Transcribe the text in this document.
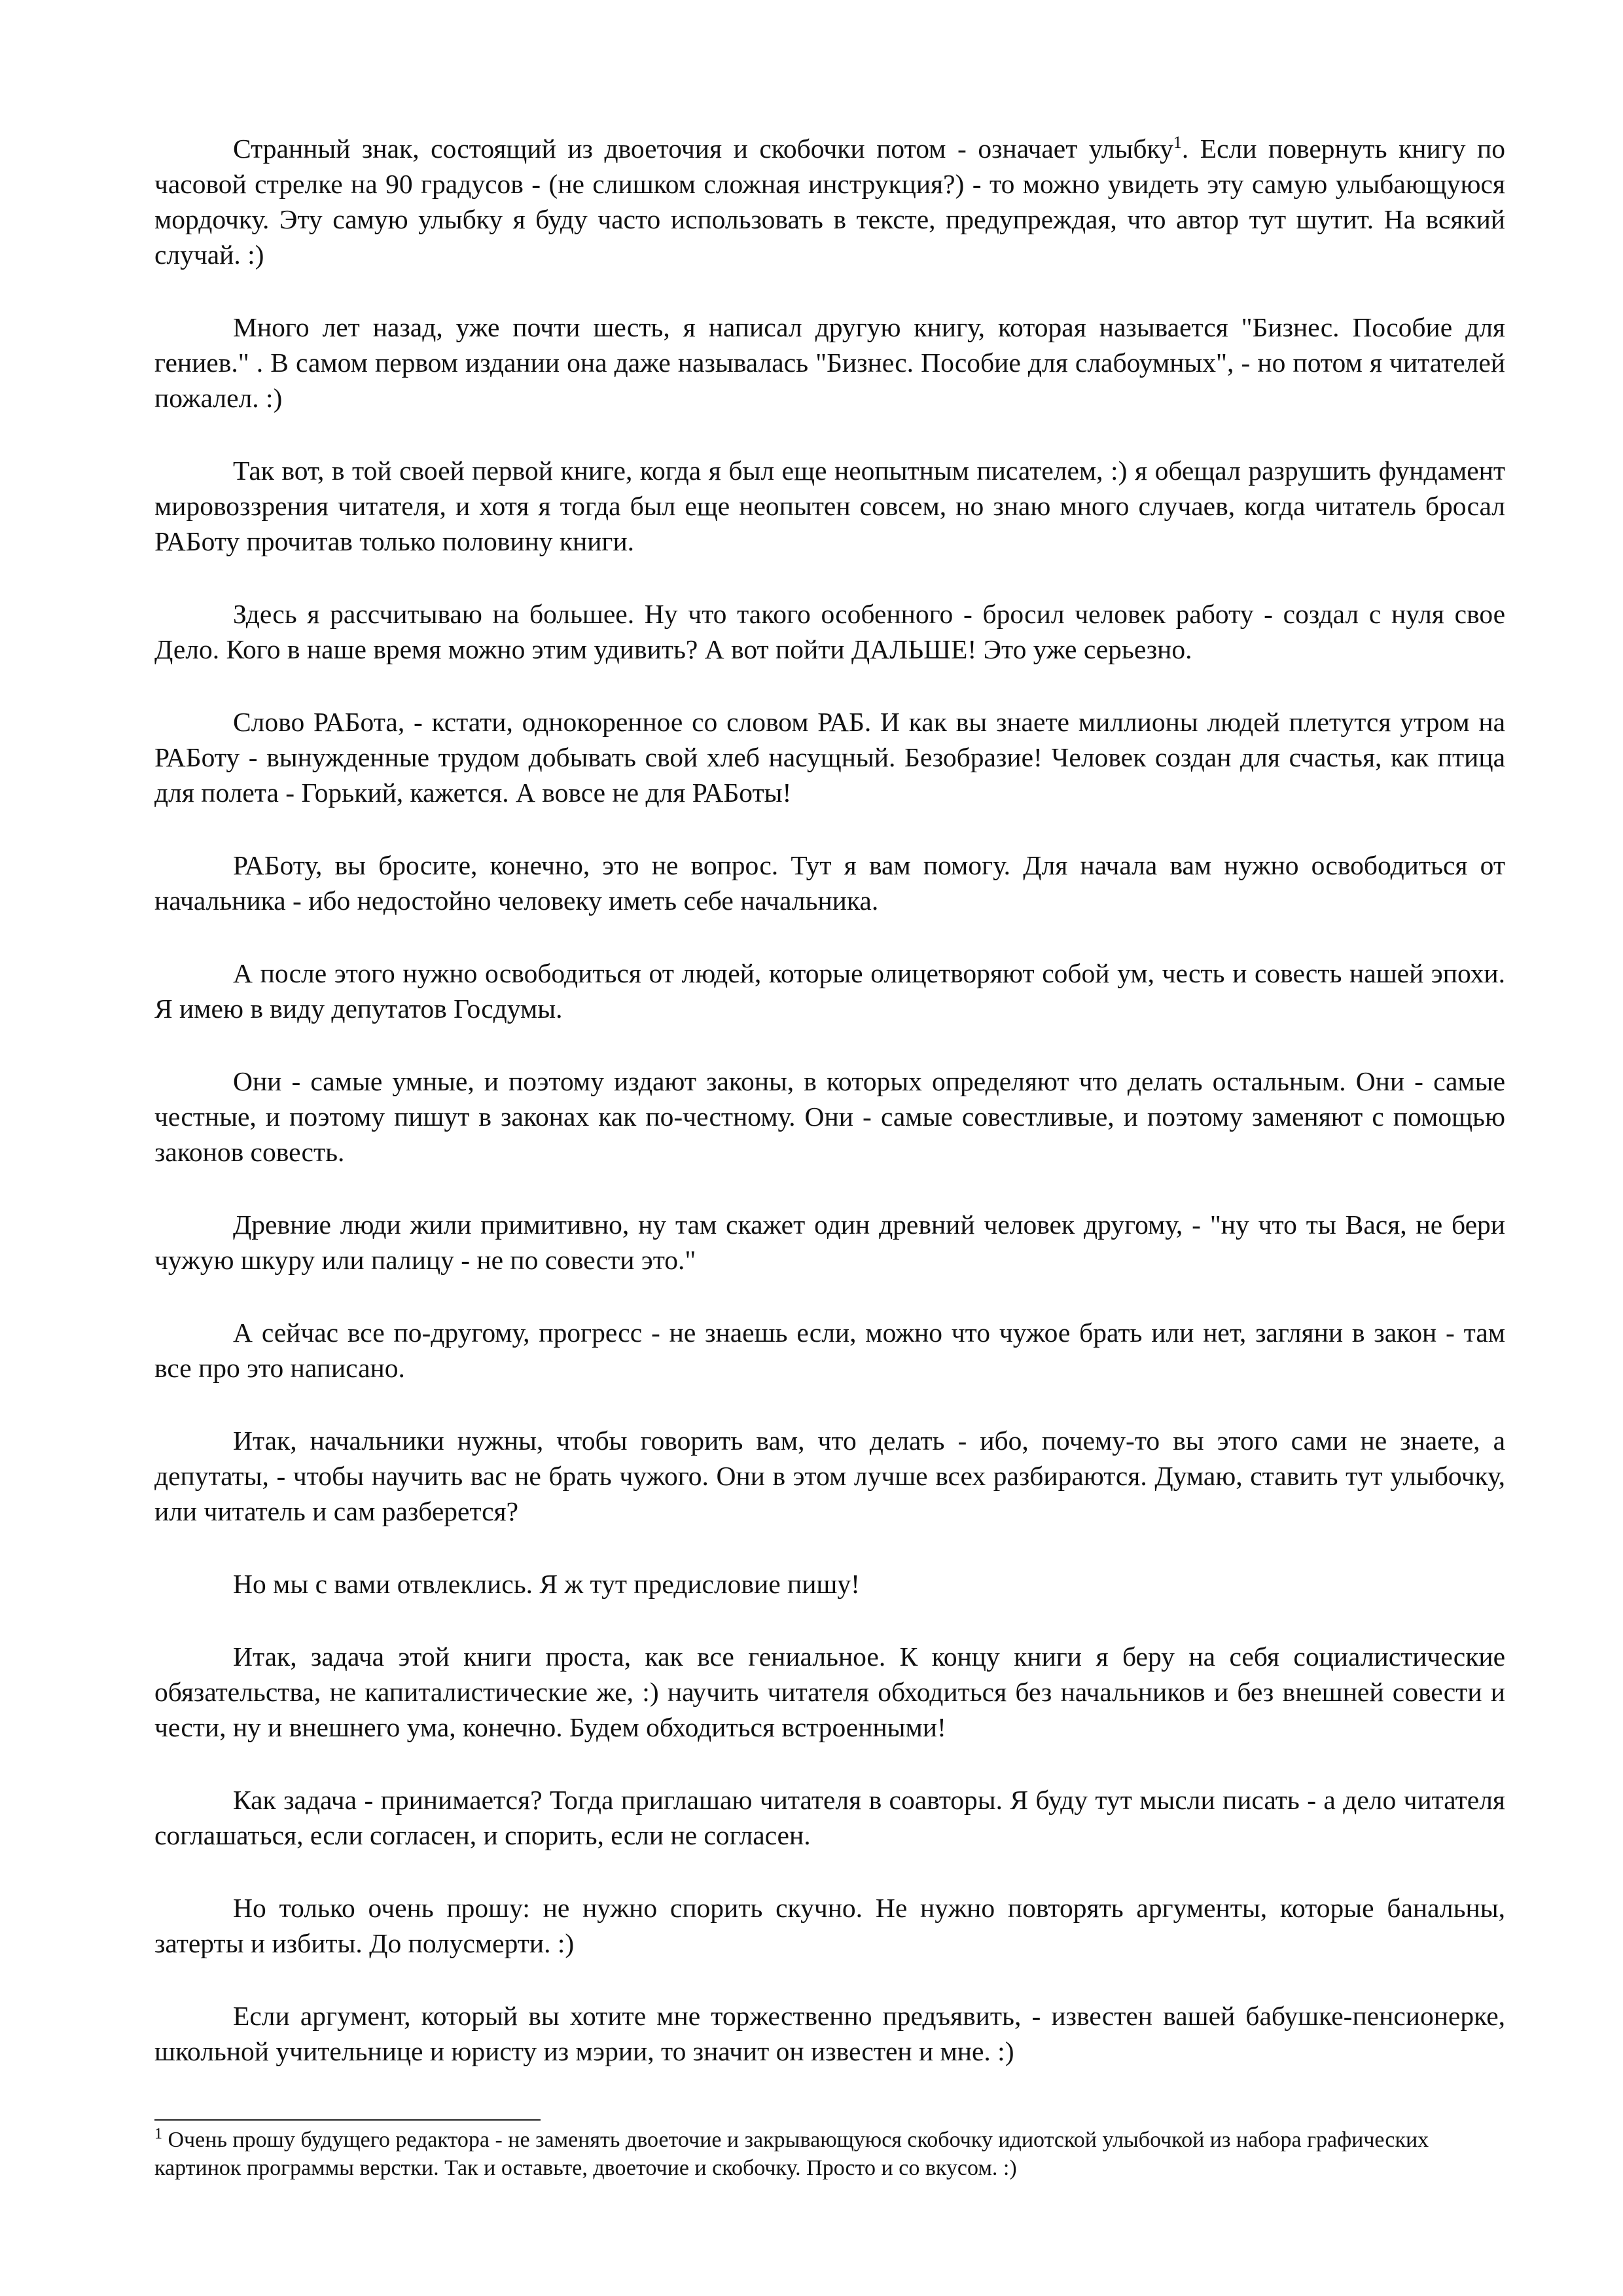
Странный знак, состоящий из двоеточия и скобочки потом - означает улыбку$^1$. Если повернуть книгу по часовой стрелке на 90 градусов - (не слишком сложная инструкция?) - то можно увидеть эту самую улыбающуюся мордочку. Эту самую улыбку я буду часто использовать в тексте, предупреждая, что автор тут шутит. На всякий случай. :)

Много лет назад, уже почти шесть, я написал другую книгу, которая называется "Бизнес. Пособие для гениев." . В самом первом издании она даже называлась "Бизнес. Пособие для слабоумных", - но потом я читателей пожалел. :)

Так вот, в той своей первой книге, когда я был еще неопытным писателем, :) я обещал разрушить фундамент мировоззрения читателя, и хотя я тогда был еще неопытен совсем, но знаю много случаев, когда читатель бросал РАБоту прочитав только половину книги.

Здесь я рассчитываю на большее. Ну что такого особенного - бросил человек работу - создал с нуля свое Дело. Кого в наше время можно этим удивить? А вот пойти ДАЛЬШЕ! Это уже серьезно.

Слово РАБота, - кстати, однокоренное со словом РАБ. И как вы знаете миллионы людей плетутся утром на РАБоту - вынужденные трудом добывать свой хлеб насущный. Безобразие! Человек создан для счастья, как птица для полета - Горький, кажется. А вовсе не для РАБоты!

РАБоту, вы бросите, конечно, это не вопрос. Тут я вам помогу. Для начала вам нужно освободиться от начальника - ибо недостойно человеку иметь себе начальника.

А после этого нужно освободиться от людей, которые олицетворяют собой ум, честь и совесть нашей эпохи. Я имею в виду депутатов Госдумы.

Они - самые умные, и поэтому издают законы, в которых определяют что делать остальным. Они - самые честные, и поэтому пишут в законах как по-честному. Они - самые совестливые, и поэтому заменяют с помощью законов совесть.

Древние люди жили примитивно, ну там скажет один древний человек другому, - "ну что ты Вася, не бери чужую шкуру или палицу - не по совести это."

А сейчас все по-другому, прогресс - не знаешь если, можно что чужое брать или нет, загляни в закон - там все про это написано.

Итак, начальники нужны, чтобы говорить вам, что делать - ибо, почему-то вы этого сами не знаете, а депутаты, - чтобы научить вас не брать чужого. Они в этом лучше всех разбираются. Думаю, ставить тут улыбочку, или читатель и сам разберется?

Но мы с вами отвлеклись. Я ж тут предисловие пишу!

Итак, задача этой книги проста, как все гениальное. К концу книги я беру на себя социалистические обязательства, не капиталистические же, :) научить читателя обходиться без начальников и без внешней совести и чести, ну и внешнего ума, конечно. Будем обходиться встроенными!

Как задача - принимается? Тогда приглашаю читателя в соавторы. Я буду тут мысли писать - а дело читателя соглашаться, если согласен, и спорить, если не согласен.

Но только очень прошу: не нужно спорить скучно. Не нужно повторять аргументы, которые банальны, затерты и избиты. До полусмерти. :)

Если аргумент, который вы хотите мне торжественно предъявить, - известен вашей бабушке-пенсионерке, школьной учительнице и юристу из мэрии, то значит он известен и мне. :)

$^1$ Очень прошу будущего редактора - не заменять двоеточие и закрывающуюся скобочку идиотской улыбочкой из набора графических картинок программы верстки. Так и оставьте, двоеточие и скобочку. Просто и со вкусом. :)
